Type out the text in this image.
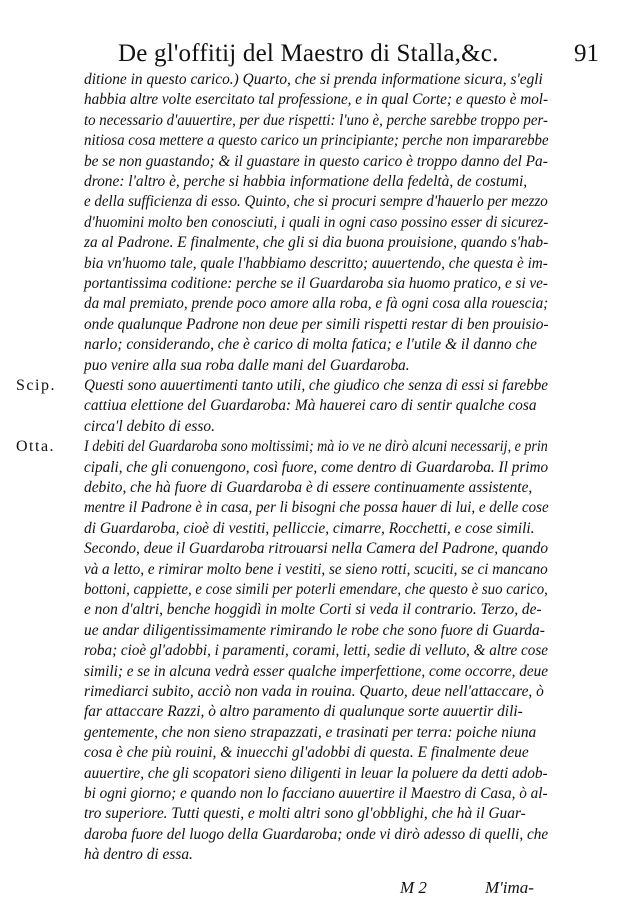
De gl'offitij del Maestro di Stalla,&c.	91
ditione in questo carico.) Quarto, che si prenda informatione sicura, s'egli
habbia altre volte esercitato tal professione, e in qual Corte; e questo è mol-
to necessario d'auuertire, per due rispetti: l'uno è, perche sarebbe troppo per-
nitiosa cosa mettere a questo carico un principiante; perche non impararebbe
be se non guastando; & il guastare in questo carico è troppo danno del Pa-
drone: l'altro è, perche si habbia informatione della fedeltà, de costumi,
e della sufficienza di esso. Quinto, che si procuri sempre d'hauerlo per mezzo
d'huomini molto ben conosciuti, i quali in ogni caso possino esser di sicurez-
za al Padrone. E finalmente, che gli si dia buona prouisione, quando s'hab-
bia vn'huomo tale, quale l'habbiamo descritto; auuertendo, che questa è im-
portantissima coditione: perche se il Guardaroba sia huomo pratico, e si ve-
da mal premiato, prende poco amore alla roba, e fà ogni cosa alla rouescia;
onde qualunque Padrone non deue per simili rispetti restar di ben prouisio-
narlo; considerando, che è carico di molta fatica; e l'utile & il danno che
puo venire alla sua roba dalle mani del Guardaroba.
Scip. Questi sono auuertimenti tanto utili, che giudico che senza di essi si farebbe
cattiua elettione del Guardaroba: Mà hauerei caro di sentir qualche cosa
circa'l debito di esso.
Otta. I debiti del Guardaroba sono moltissimi; mà io ve ne dirò alcuni necessarij, e prin
cipali, che gli conuengono, così fuore, come dentro di Guardaroba. Il primo
debito, che hà fuore di Guardaroba è di essere continuamente assistente,
mentre il Padrone è in casa, per li bisogni che possa hauer di lui, e delle cose
di Guardaroba, cioè di vestiti, pelliccie, cimarre, Rocchetti, e cose simili.
Secondo, deue il Guardaroba ritrouarsi nella Camera del Padrone, quando
và a letto, e rimirar molto bene i vestiti, se sieno rotti, scuciti, se ci mancano
bottoni, cappiette, e cose simili per poterli emendare, che questo è suo carico,
e non d'altri, benche hoggidì in molte Corti si veda il contrario. Terzo, de-
ue andar diligentissimamente rimirando le robe che sono fuore di Guarda-
roba; cioè gl'adobbi, i paramenti, corami, letti, sedie di velluto, & altre cose
simili; e se in alcuna vedrà esser qualche imperfettione, come occorre, deue
rimediarci subito, acciò non vada in rouina. Quarto, deue nell'attaccare, ò
far attaccare Razzi, ò altro paramento di qualunque sorte auuertir dili-
gentemente, che non sieno strapazzati, e trasinati per terra: poiche niuna
cosa è che più rouini, & inuecchi gl'adobbi di questa. E finalmente deue
auuertire, che gli scopatori sieno diligenti in leuar la poluere da detti adob-
bi ogni giorno; e quando non lo facciano auuertire il Maestro di Casa, ò al-
tro superiore. Tutti questi, e molti altri sono gl'obblighi, che hà il Guar-
daroba fuore del luogo della Guardaroba; onde vi dirò adesso di quelli, che
hà dentro di essa.
M 2	M'ima-
